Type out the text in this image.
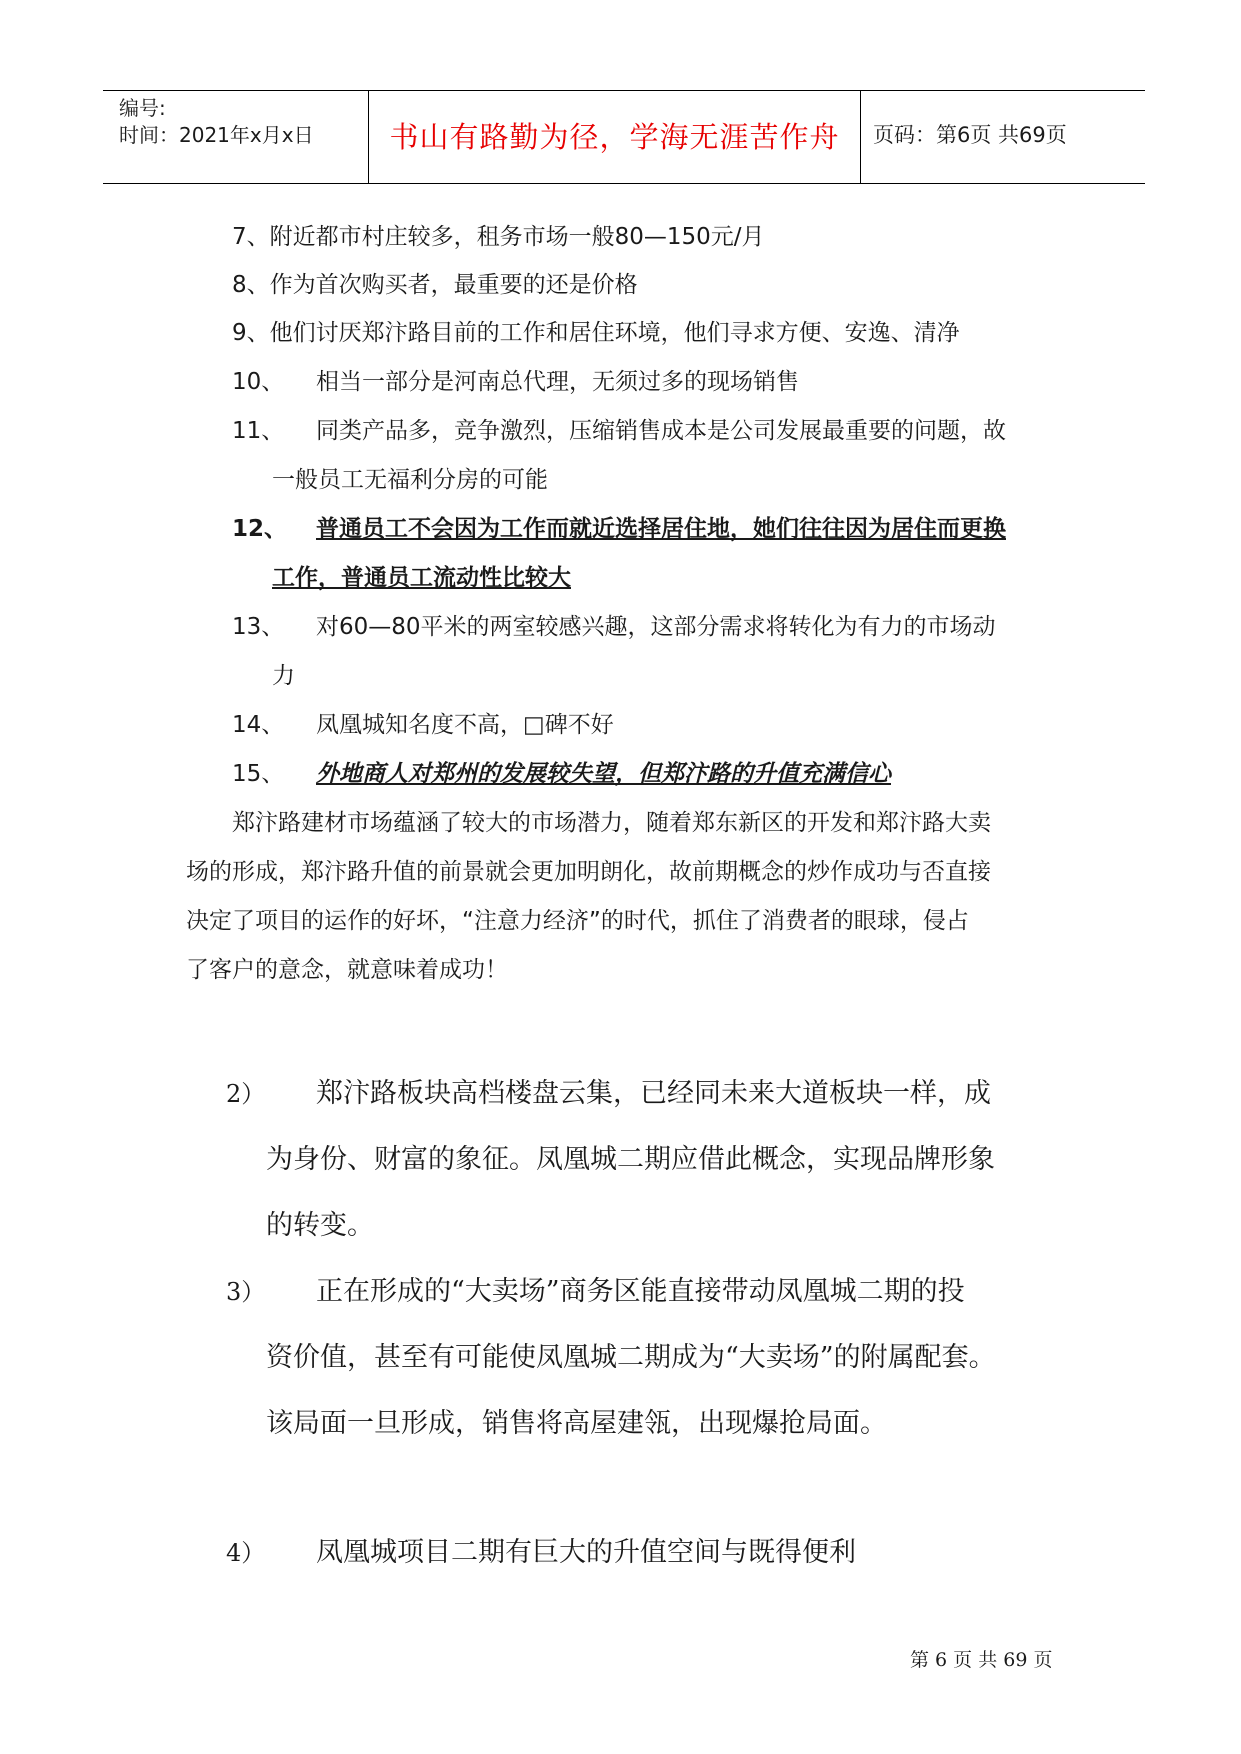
编号:
时间：2021年x月x日	书山有路勤为径，学海无涯苦作舟	页码：第6页 共69页
7、附近都市村庄较多，租务市场一般80—150元/月
8、作为首次购买者，最重要的还是价格
9、他们讨厌郑汴路目前的工作和居住环境，他们寻求方便、安逸、清净
10、 相当一部分是河南总代理，无须过多的现场销售
11、 同类产品多，竞争激烈，压缩销售成本是公司发展最重要的问题，故
一般员工无福利分房的可能
12、 普通员工不会因为工作而就近选择居住地，她们往往因为居住而更换
工作，普通员工流动性比较大
13、 对60—80平米的两室较感兴趣，这部分需求将转化为有力的市场动
力
14、 凤凰城知名度不高，□碑不好
15、 外地商人对郑州的发展较失望，但郑汴路的升值充满信心
郑汴路建材市场蕴涵了较大的市场潜力，随着郑东新区的开发和郑汴路大卖
场的形成，郑汴路升值的前景就会更加明朗化，故前期概念的炒作成功与否直接
决定了项目的运作的好坏，“注意力经济”的时代，抓住了消费者的眼球，侵占
了客户的意念，就意味着成功！
2） 郑汴路板块高档楼盘云集，已经同未来大道板块一样，成
为身份、财富的象征。凤凰城二期应借此概念，实现品牌形象
的转变。
3） 正在形成的“大卖场”商务区能直接带动凤凰城二期的投
资价值，甚至有可能使凤凰城二期成为“大卖场”的附属配套。
该局面一旦形成，销售将高屋建瓴，出现爆抢局面。
4） 凤凰城项目二期有巨大的升值空间与既得便利
第 6 页 共 69 页
